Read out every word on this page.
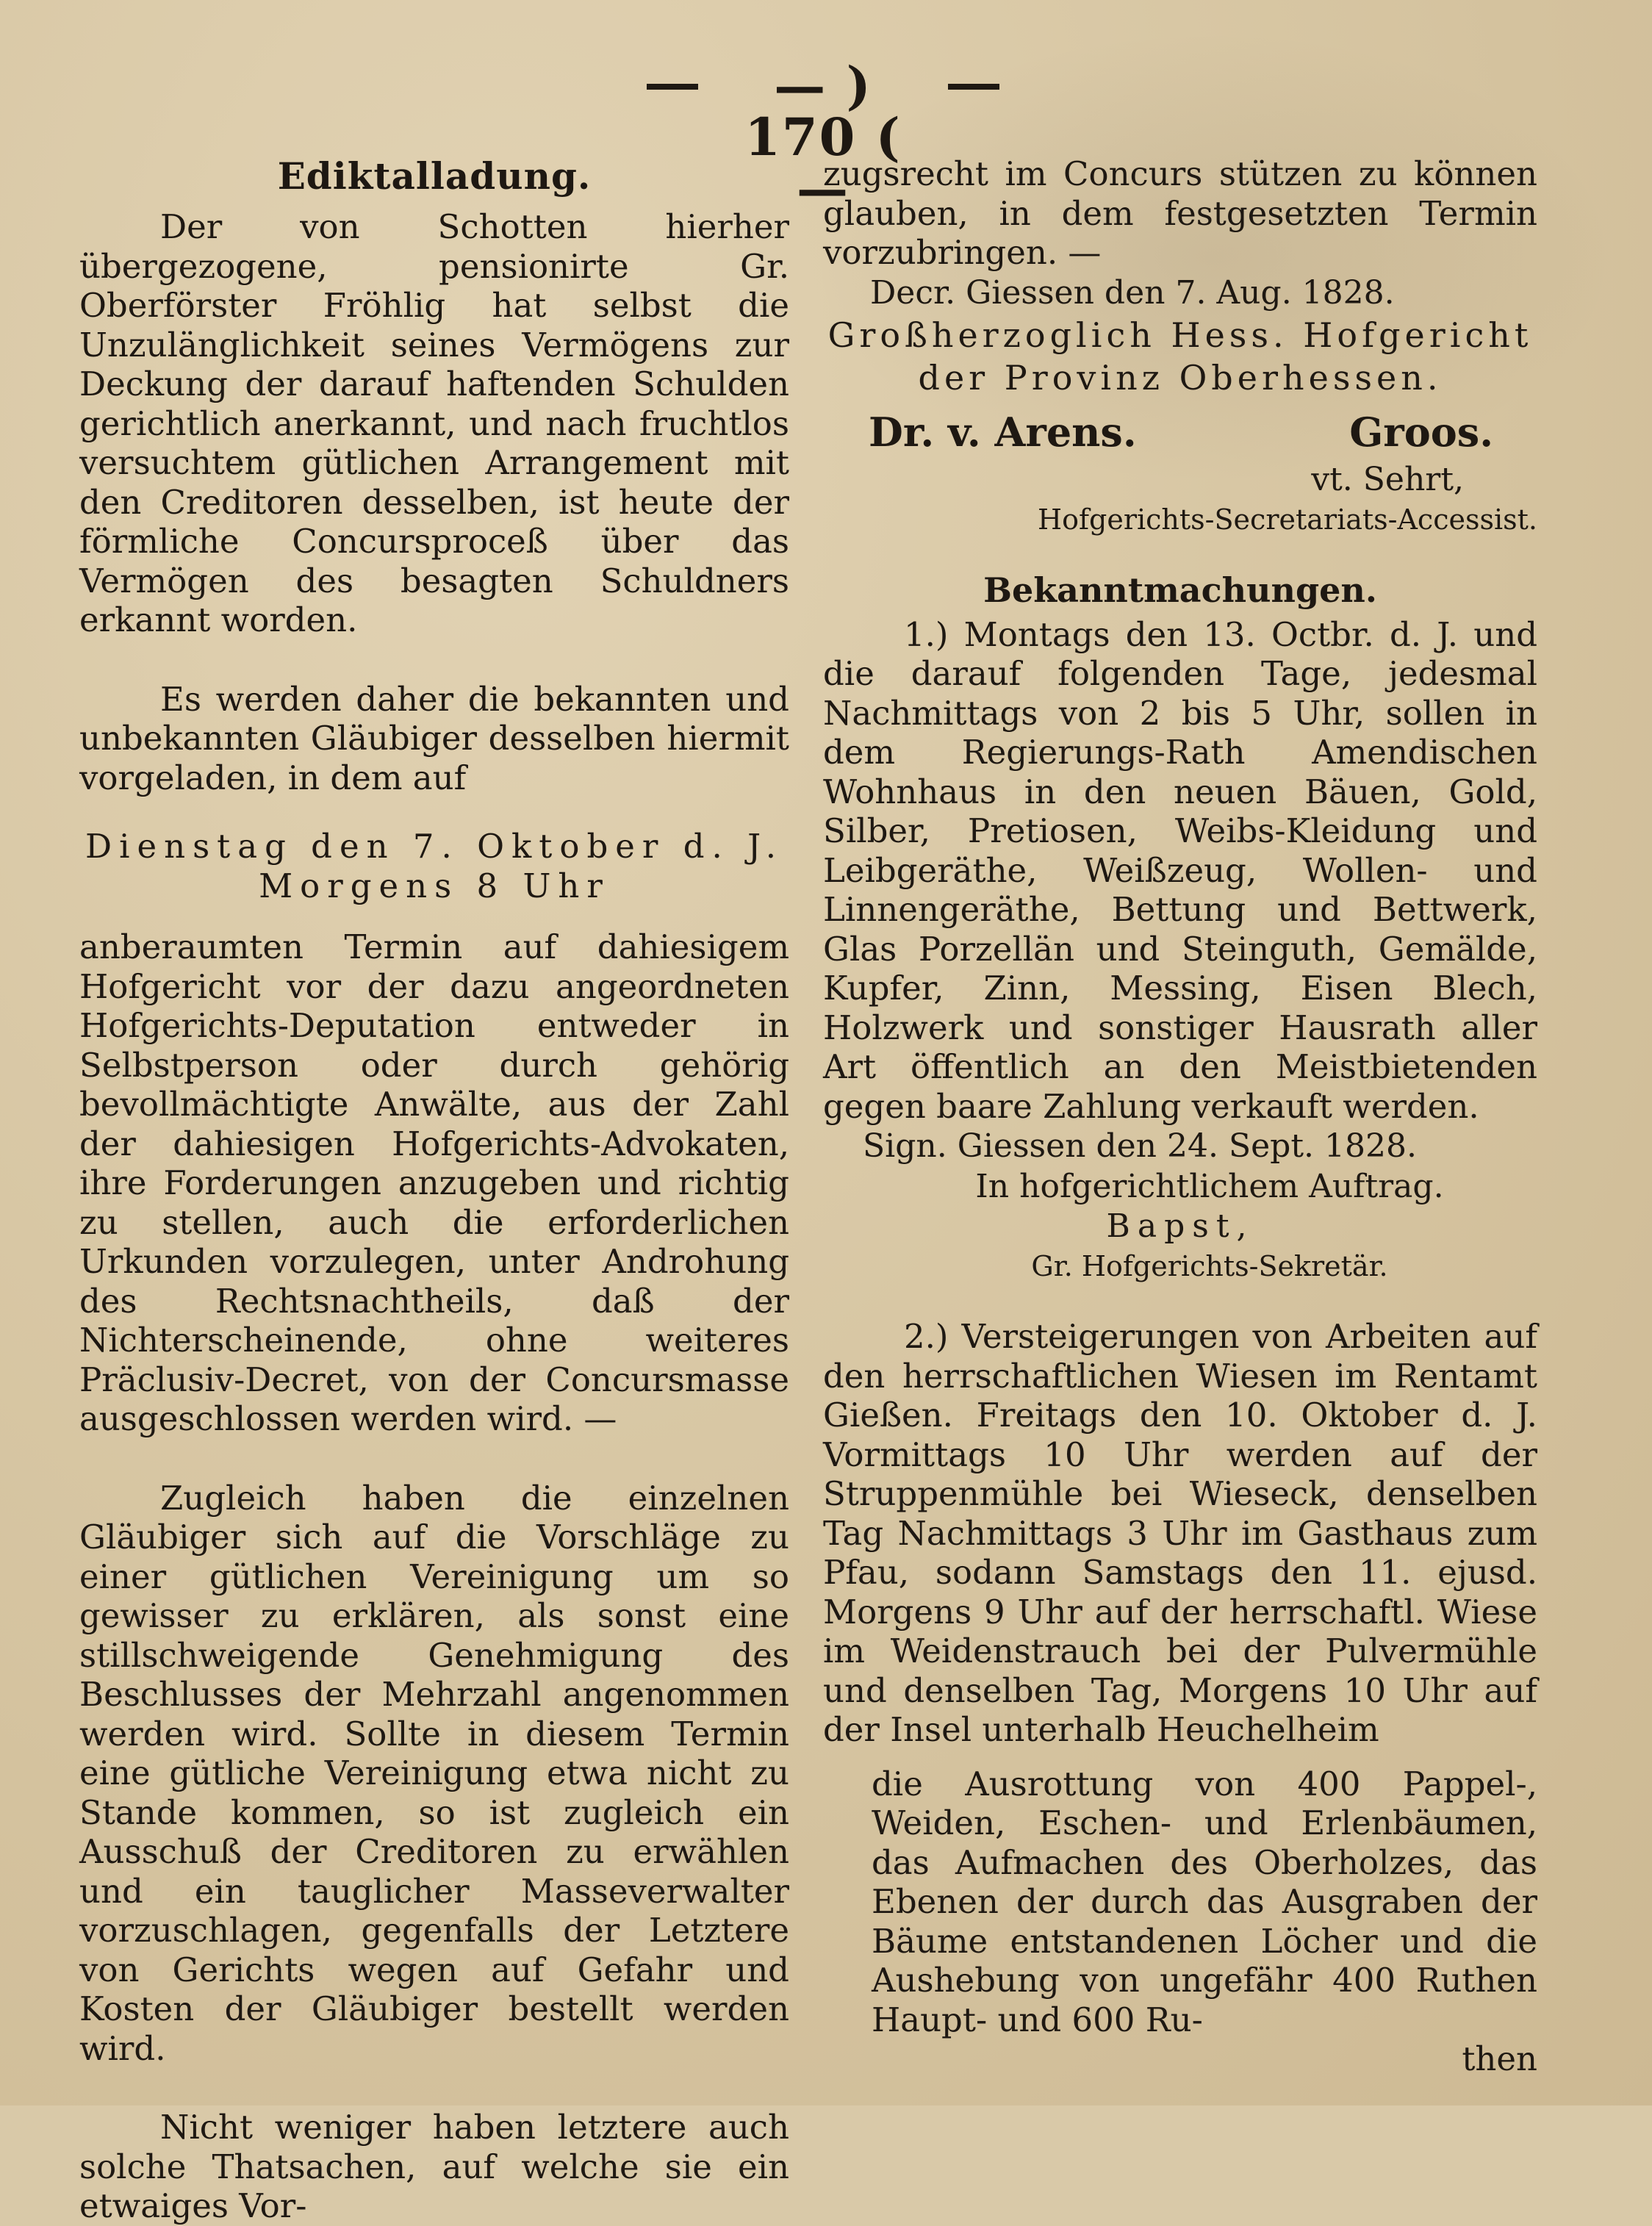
— ) 170 ( —

Ediktalladung.

Der von Schotten hierher übergezogene, pensionirte Gr. Oberförster Fröhlig hat selbst die Unzulänglichkeit seines Vermögens zur Deckung der darauf haftenden Schulden gerichtlich anerkannt, und nach fruchtlos versuchtem gütlichen Arrangement mit den Creditoren desselben, ist heute der förmliche Concursproceß über das Vermögen des besagten Schuldners erkannt worden.

Es werden daher die bekannten und unbekannten Gläubiger desselben hiermit vorgeladen, in dem auf

Dienstag den 7. Oktober d. J.

Morgens 8 Uhr

anberaumten Termin auf dahiesigem Hofgericht vor der dazu angeordneten Hofgerichts-Deputation entweder in Selbstperson oder durch gehörig bevollmächtigte Anwälte, aus der Zahl der dahiesigen Hofgerichts-Advokaten, ihre Forderungen anzugeben und richtig zu stellen, auch die erforderlichen Urkunden vorzulegen, unter Androhung des Rechtsnachtheils, daß der Nichterscheinende, ohne weiteres Präclusiv-Decret, von der Concursmasse ausgeschlossen werden wird. —

Zugleich haben die einzelnen Gläubiger sich auf die Vorschläge zu einer gütlichen Vereinigung um so gewisser zu erklären, als sonst eine stillschweigende Genehmigung des Beschlusses der Mehrzahl angenommen werden wird. Sollte in diesem Termin eine gütliche Vereinigung etwa nicht zu Stande kommen, so ist zugleich ein Ausschuß der Creditoren zu erwählen und ein tauglicher Masseverwalter vorzuschlagen, gegenfalls der Letztere von Gerichts wegen auf Gefahr und Kosten der Gläubiger bestellt werden wird.

Nicht weniger haben letztere auch solche Thatsachen, auf welche sie ein etwaiges Vor-

zugsrecht im Concurs stützen zu können glauben, in dem festgesetzten Termin vorzubringen. —

Decr. Giessen den 7. Aug. 1828.

Großherzoglich Hess. Hofgericht

der Provinz Oberhessen.

Dr. v. Arens.	Groos.

vt. Sehrt,

Hofgerichts-Secretariats-Accessist.

Bekanntmachungen.

1.) Montags den 13. Octbr. d. J. und die darauf folgenden Tage, jedesmal Nachmittags von 2 bis 5 Uhr, sollen in dem Regierungs-Rath Amendischen Wohnhaus in den neuen Bäuen, Gold, Silber, Pretiosen, Weibs-Kleidung und Leibgeräthe, Weißzeug, Wollen- und Linnengeräthe, Bettung und Bettwerk, Glas Porzellän und Steinguth, Gemälde, Kupfer, Zinn, Messing, Eisen Blech, Holzwerk und sonstiger Hausrath aller Art öffentlich an den Meistbietenden gegen baare Zahlung verkauft werden.

Sign. Giessen den 24. Sept. 1828.

In hofgerichtlichem Auftrag.

Bapst,

Gr. Hofgerichts-Sekretär.

2.) Versteigerungen von Arbeiten auf den herrschaftlichen Wiesen im Rentamt Gießen. Freitags den 10. Oktober d. J. Vormittags 10 Uhr werden auf der Struppenmühle bei Wieseck, denselben Tag Nachmittags 3 Uhr im Gasthaus zum Pfau, sodann Samstags den 11. ejusd. Morgens 9 Uhr auf der herrschaftl. Wiese im Weidenstrauch bei der Pulvermühle und denselben Tag, Morgens 10 Uhr auf der Insel unterhalb Heuchelheim

die Ausrottung von 400 Pappel-, Weiden, Eschen- und Erlenbäumen, das Aufmachen des Oberholzes, das Ebenen der durch das Ausgraben der Bäume entstandenen Löcher und die Aushebung von ungefähr 400 Ruthen Haupt- und 600 Ru-

then
